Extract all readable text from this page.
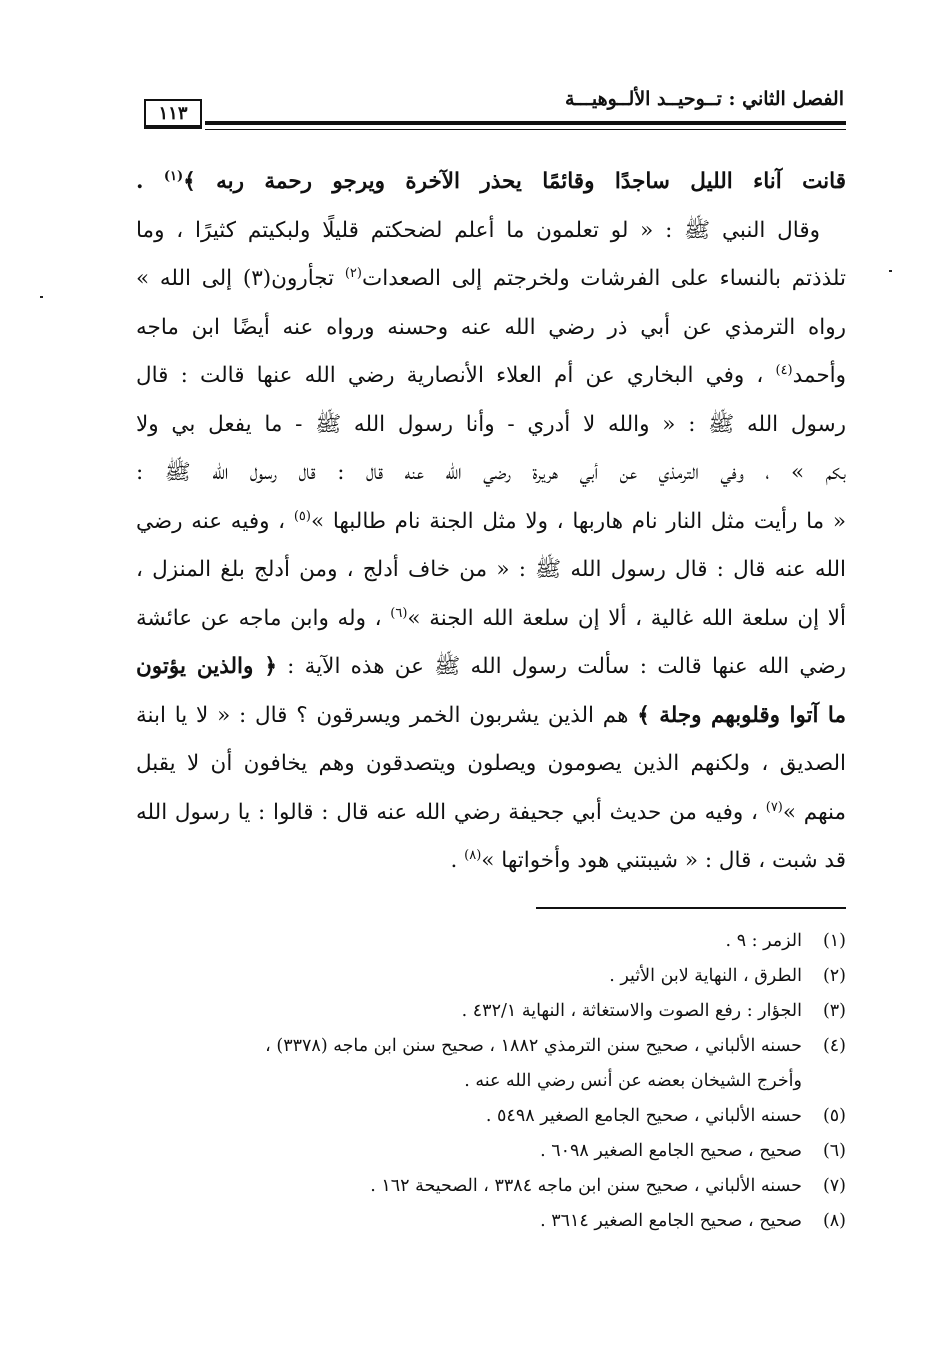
الفصل الثاني : تــوحيــد الألــوهيـــة
١١٣
قانت آناء الليل ساجدًا وقائمًا يحذر الآخرة ويرجو رحمة ربه ﴾$^{(١)}$ .
وقال النبي ﷺ : « لو تعلمون ما أعلم لضحكتم قليلًا ولبكيتم كثيرًا ، وما
تلذذتم بالنساء على الفرشات ولخرجتم إلى الصعدات$^{(٢)}$ تجأرون(٣) إلى الله »
رواه الترمذي عن أبي ذر رضي الله عنه وحسنه ورواه عنه أيضًا ابن ماجه
وأحمد$^{(٤)}$ ، وفي البخاري عن أم العلاء الأنصارية رضي الله عنها قالت : قال
رسول الله ﷺ : « والله لا أدري - وأنا رسول الله ﷺ - ما يفعل بي ولا
بكم » ، وفي الترمذي عن أبي هريرة رضي الله عنه قال : قال رسول الله ﷺ :
« ما رأيت مثل النار نام هاربها ، ولا مثل الجنة نام طالبها »$^{(٥)}$ ، وفيه عنه رضي
الله عنه قال : قال رسول الله ﷺ : « من خاف أدلج ، ومن أدلج بلغ المنزل ،
ألا إن سلعة الله غالية ، ألا إن سلعة الله الجنة »$^{(٦)}$ ، وله وابن ماجه عن عائشة
رضي الله عنها قالت : سألت رسول الله ﷺ عن هذه الآية : ﴿ والذين يؤتون
ما آتوا وقلوبهم وجلة ﴾ هم الذين يشربون الخمر ويسرقون ؟ قال : « لا يا ابنة
الصديق ، ولكنهم الذين يصومون ويصلون ويتصدقون وهم يخافون أن لا يقبل
منهم »$^{(٧)}$ ، وفيه من حديث أبي جحيفة رضي الله عنه قال : قالوا : يا رسول الله
قد شبت ، قال : « شيبتني هود وأخواتها »$^{(٨)}$ .
(١)
الزمر : ٩ .
(٢)
الطرق ، النهاية لابن الأثير .
(٣)
الجؤار : رفع الصوت والاستغاثة ، النهاية ٤٣٢/١ .
(٤)
حسنه الألباني ، صحيح سنن الترمذي ١٨٨٢ ، صحيح سنن ابن ماجه (٣٣٧٨) ،
وأخرج الشيخان بعضه عن أنس رضي الله عنه .
(٥)
حسنه الألباني ، صحيح الجامع الصغير ٥٤٩٨ .
(٦)
صحيح ، صحيح الجامع الصغير ٦٠٩٨ .
(٧)
حسنه الألباني ، صحيح سنن ابن ماجه ٣٣٨٤ ، الصحيحة ١٦٢ .
(٨)
صحيح ، صحيح الجامع الصغير ٣٦١٤ .
